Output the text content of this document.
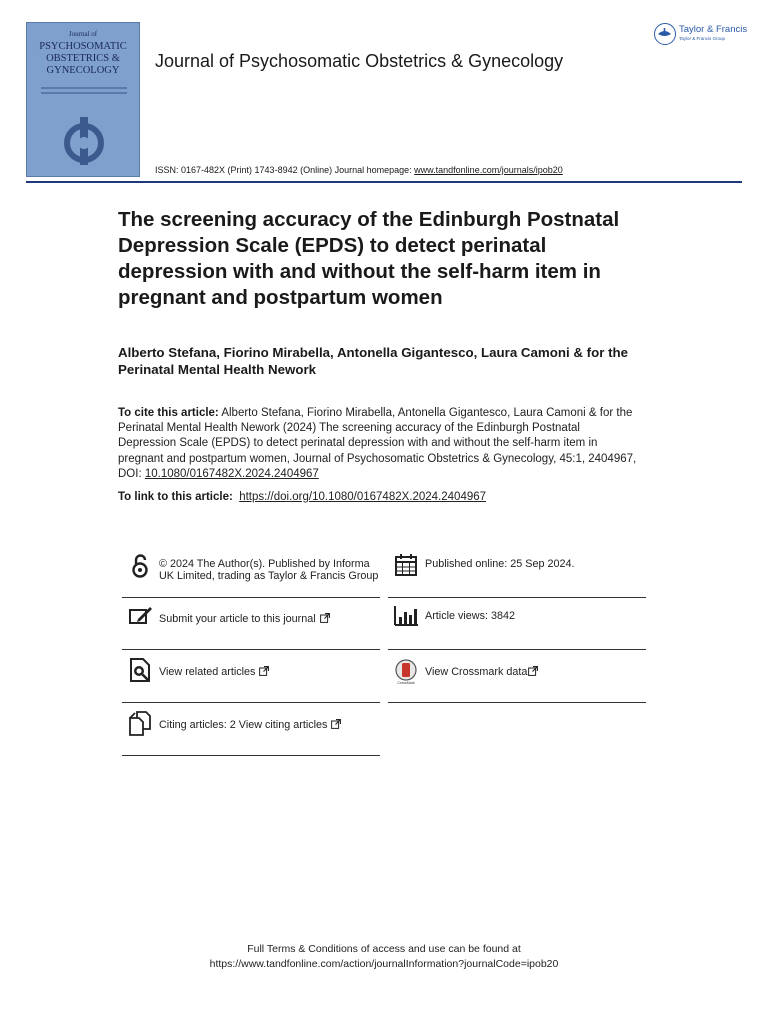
Journal of
PSYCHOSOMATIC
OBSTETRICS &
GYNECOLOGY	Journal of Psychosomatic Obstetrics & Gynecology
Taylor & Francis
Taylor & Francis Group
ISSN: 0167-482X (Print) 1743-8942 (Online) Journal homepage: www.tandfonline.com/journals/ipob20
The screening accuracy of the Edinburgh Postnatal Depression Scale (EPDS) to detect perinatal depression with and without the self-harm item in pregnant and postpartum women
Alberto Stefana, Fiorino Mirabella, Antonella Gigantesco, Laura Camoni & for the Perinatal Mental Health Nework
To cite this article: Alberto Stefana, Fiorino Mirabella, Antonella Gigantesco, Laura Camoni & for the Perinatal Mental Health Nework (2024) The screening accuracy of the Edinburgh Postnatal Depression Scale (EPDS) to detect perinatal depression with and without the self-harm item in pregnant and postpartum women, Journal of Psychosomatic Obstetrics & Gynecology, 45:1, 2404967, DOI: 10.1080/0167482X.2024.2404967
To link to this article: https://doi.org/10.1080/0167482X.2024.2404967
© 2024 The Author(s). Published by Informa UK Limited, trading as Taylor & Francis Group
Published online: 25 Sep 2024.
Submit your article to this journal	Article views: 3842
View related articles
CrossMark
View Crossmark data
Citing articles: 2 View citing articles
Full Terms & Conditions of access and use can be found at
https://www.tandfonline.com/action/journalInformation?journalCode=ipob20
